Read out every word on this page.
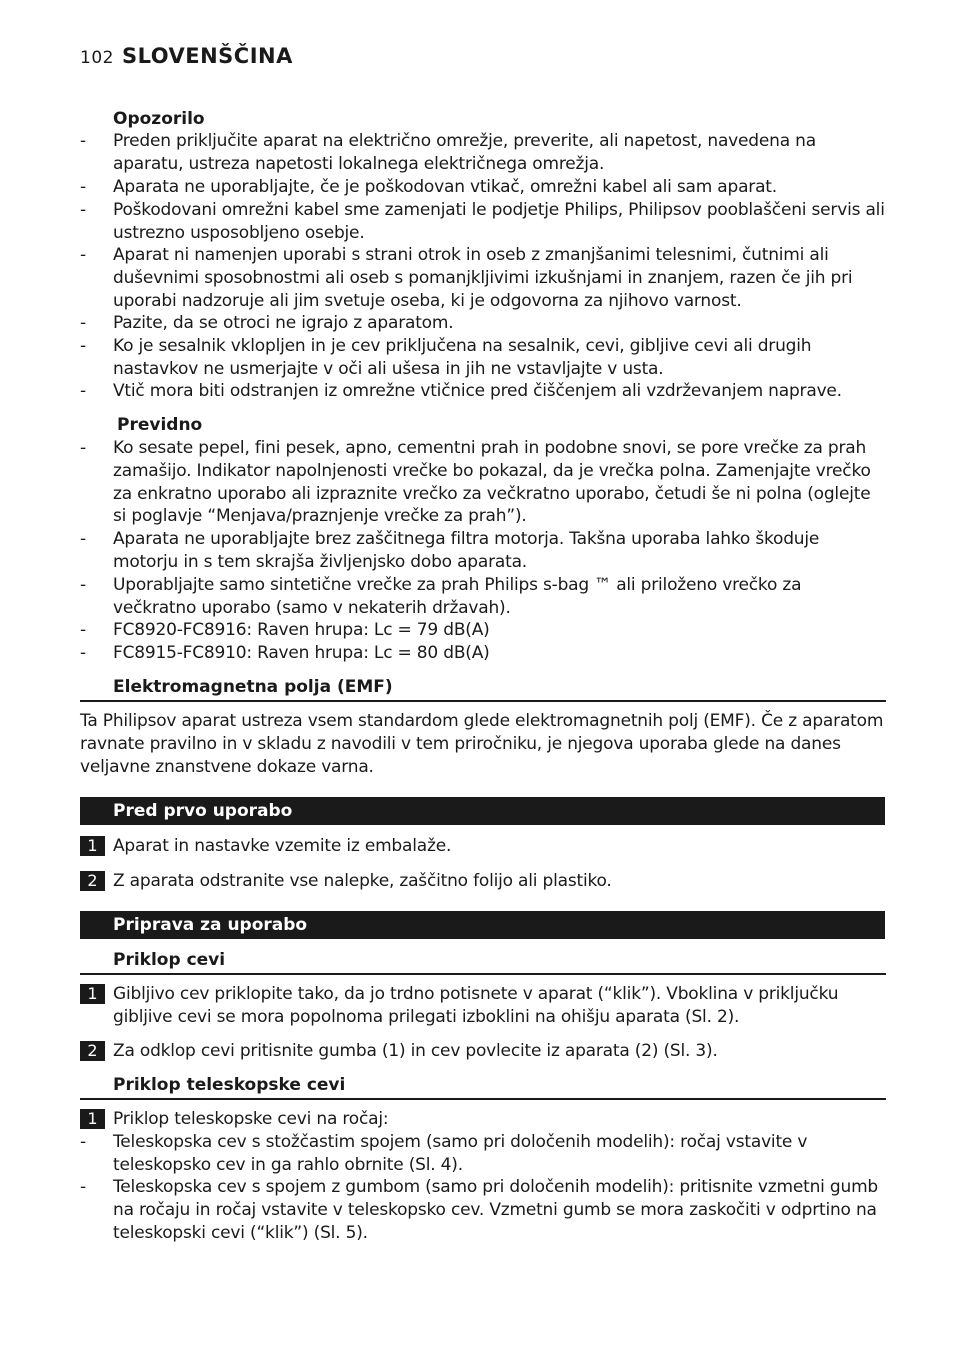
102 SLOVENŠČINA
Opozorilo
- Preden priključite aparat na električno omrežje, preverite, ali napetost, navedena na aparatu, ustreza napetosti lokalnega električnega omrežja.
- Aparata ne uporabljajte, če je poškodovan vtikač, omrežni kabel ali sam aparat.
- Poškodovani omrežni kabel sme zamenjati le podjetje Philips, Philipsov pooblaščeni servis ali ustrezno usposobljeno osebje.
- Aparat ni namenjen uporabi s strani otrok in oseb z zmanjšanimi telesnimi, čutnimi ali duševnimi sposobnostmi ali oseb s pomanjkljivimi izkušnjami in znanjem, razen če jih pri uporabi nadzoruje ali jim svetuje oseba, ki je odgovorna za njihovo varnost.
- Pazite, da se otroci ne igrajo z aparatom.
- Ko je sesalnik vklopljen in je cev priključena na sesalnik, cevi, gibljive cevi ali drugih nastavkov ne usmerjajte v oči ali ušesa in jih ne vstavljajte v usta.
- Vtič mora biti odstranjen iz omrežne vtičnice pred čiščenjem ali vzdrževanjem naprave.
Previdno
- Ko sesate pepel, fini pesek, apno, cementni prah in podobne snovi, se pore vrečke za prah zamašijo. Indikator napolnjenosti vrečke bo pokazal, da je vrečka polna. Zamenjajte vrečko za enkratno uporabo ali izpraznite vrečko za večkratno uporabo, četudi še ni polna (oglejte si poglavje “Menjava/praznjenje vrečke za prah”).
- Aparata ne uporabljajte brez zaščitnega filtra motorja. Takšna uporaba lahko škoduje motorju in s tem skrajša življenjsko dobo aparata.
- Uporabljajte samo sintetične vrečke za prah Philips s-bag ™ ali priloženo vrečko za večkratno uporabo (samo v nekaterih državah).
- FC8920-FC8916: Raven hrupa: Lc = 79 dB(A)
- FC8915-FC8910: Raven hrupa: Lc = 80 dB(A)
Elektromagnetna polja (EMF)
Ta Philipsov aparat ustreza vsem standardom glede elektromagnetnih polj (EMF). Če z aparatom ravnate pravilno in v skladu z navodili v tem priročniku, je njegova uporaba glede na danes veljavne znanstvene dokaze varna.
Pred prvo uporabo
1 Aparat in nastavke vzemite iz embalaže.
2 Z aparata odstranite vse nalepke, zaščitno folijo ali plastiko.
Priprava za uporabo
Priklop cevi
1 Gibljivo cev priklopite tako, da jo trdno potisnete v aparat (“klik”). Vboklina v priključku gibljive cevi se mora popolnoma prilegati izboklini na ohišju aparata (Sl. 2).
2 Za odklop cevi pritisnite gumba (1) in cev povlecite iz aparata (2) (Sl. 3).
Priklop teleskopske cevi
1 Priklop teleskopske cevi na ročaj:
- Teleskopska cev s stožčastim spojem (samo pri določenih modelih): ročaj vstavite v teleskopsko cev in ga rahlo obrnite (Sl. 4).
- Teleskopska cev s spojem z gumbom (samo pri določenih modelih): pritisnite vzmetni gumb na ročaju in ročaj vstavite v teleskopsko cev. Vzmetni gumb se mora zaskočiti v odprtino na teleskopski cevi (“klik”) (Sl. 5).
